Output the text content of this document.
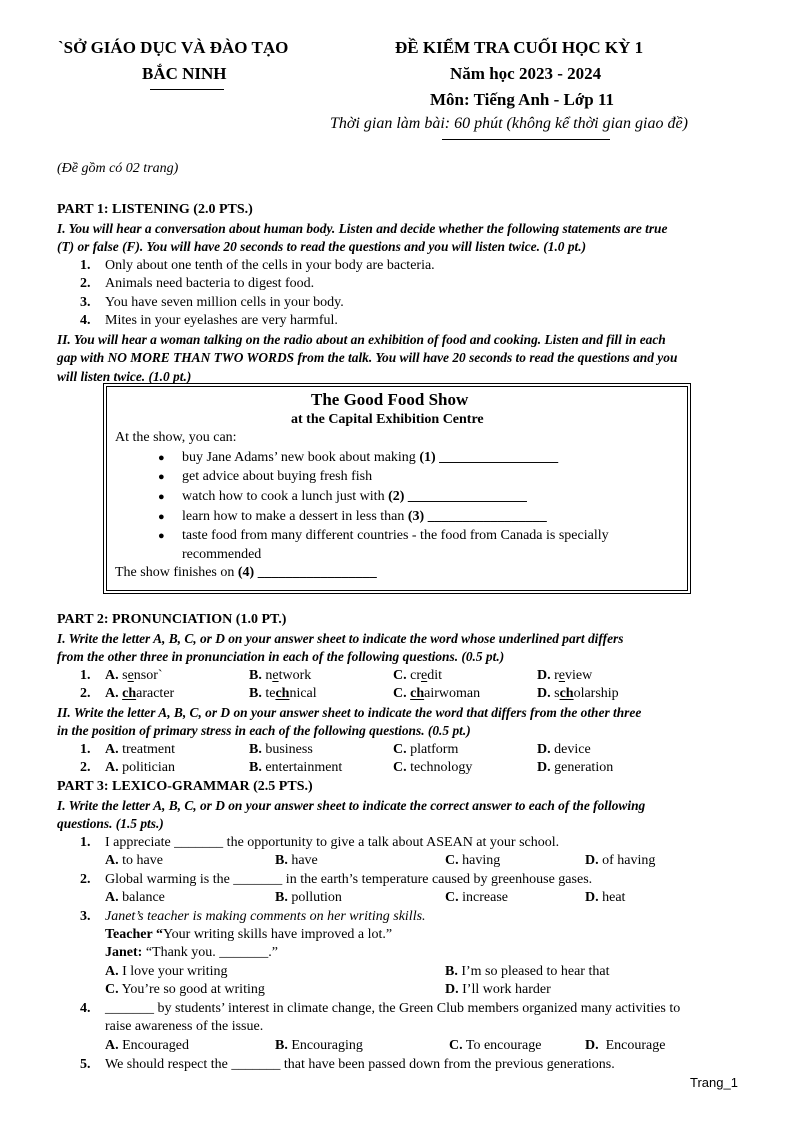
`SỞ GIÁO DỤC VÀ ĐÀO TẠO
BẮC NINH
ĐỀ KIỂM TRA CUỐI HỌC KỲ 1
Năm học 2023 - 2024
Môn: Tiếng Anh - Lớp 11
Thời gian làm bài: 60 phút (không kể thời gian giao đề)
(Đề gồm có 02 trang)
PART 1: LISTENING (2.0 PTS.)
I. You will hear a conversation about human body. Listen and decide whether the following statements are true
(T) or false (F). You will have 20 seconds to read the questions and you will listen twice. (1.0 pt.)
1. Only about one tenth of the cells in your body are bacteria.
2. Animals need bacteria to digest food.
3. You have seven million cells in your body.
4. Mites in your eyelashes are very harmful.
II. You will hear a woman talking on the radio about an exhibition of food and cooking. Listen and fill in each
gap with NO MORE THAN TWO WORDS from the talk. You will have 20 seconds to read the questions and you
will listen twice. (1.0 pt.)
The Good Food Show
at the Capital Exhibition Centre
At the show, you can:
● buy Jane Adams’ new book about making (1) _________________
● get advice about buying fresh fish
● watch how to cook a lunch just with (2) _________________
● learn how to make a dessert in less than (3) _________________
● taste food from many different countries - the food from Canada is specially
recommended
The show finishes on (4) _________________
PART 2: PRONUNCIATION (1.0 PT.)
I. Write the letter A, B, C, or D on your answer sheet to indicate the word whose underlined part differs
from the other three in pronunciation in each of the following questions. (0.5 pt.)
1. A. sensor`	B. network	C. credit	D. review
2. A. character	B. technical	C. chairwoman	D. scholarship
II. Write the letter A, B, C, or D on your answer sheet to indicate the word that differs from the other three
in the position of primary stress in each of the following questions. (0.5 pt.)
1. A. treatment	B. business	C. platform	D. device
2. A. politician	B. entertainment	C. technology	D. generation
PART 3: LEXICO-GRAMMAR (2.5 PTS.)
I. Write the letter A, B, C, or D on your answer sheet to indicate the correct answer to each of the following
questions. (1.5 pts.)
1. I appreciate _______ the opportunity to give a talk about ASEAN at your school.
A. to have	B. have	C. having	D. of having
2. Global warming is the _______ in the earth’s temperature caused by greenhouse gases.
A. balance	B. pollution	C. increase	D. heat
3. Janet’s teacher is making comments on her writing skills.
Teacher “Your writing skills have improved a lot.”
Janet: “Thank you. _______.”
A. I love your writing	B. I’m so pleased to hear that
C. You’re so good at writing	D. I’ll work harder
4. _______ by students’ interest in climate change, the Green Club members organized many activities to
raise awareness of the issue.
A. Encouraged	B. Encouraging	C. To encourage	D. Encourage
5. We should respect the _______ that have been passed down from the previous generations.
Trang_1
